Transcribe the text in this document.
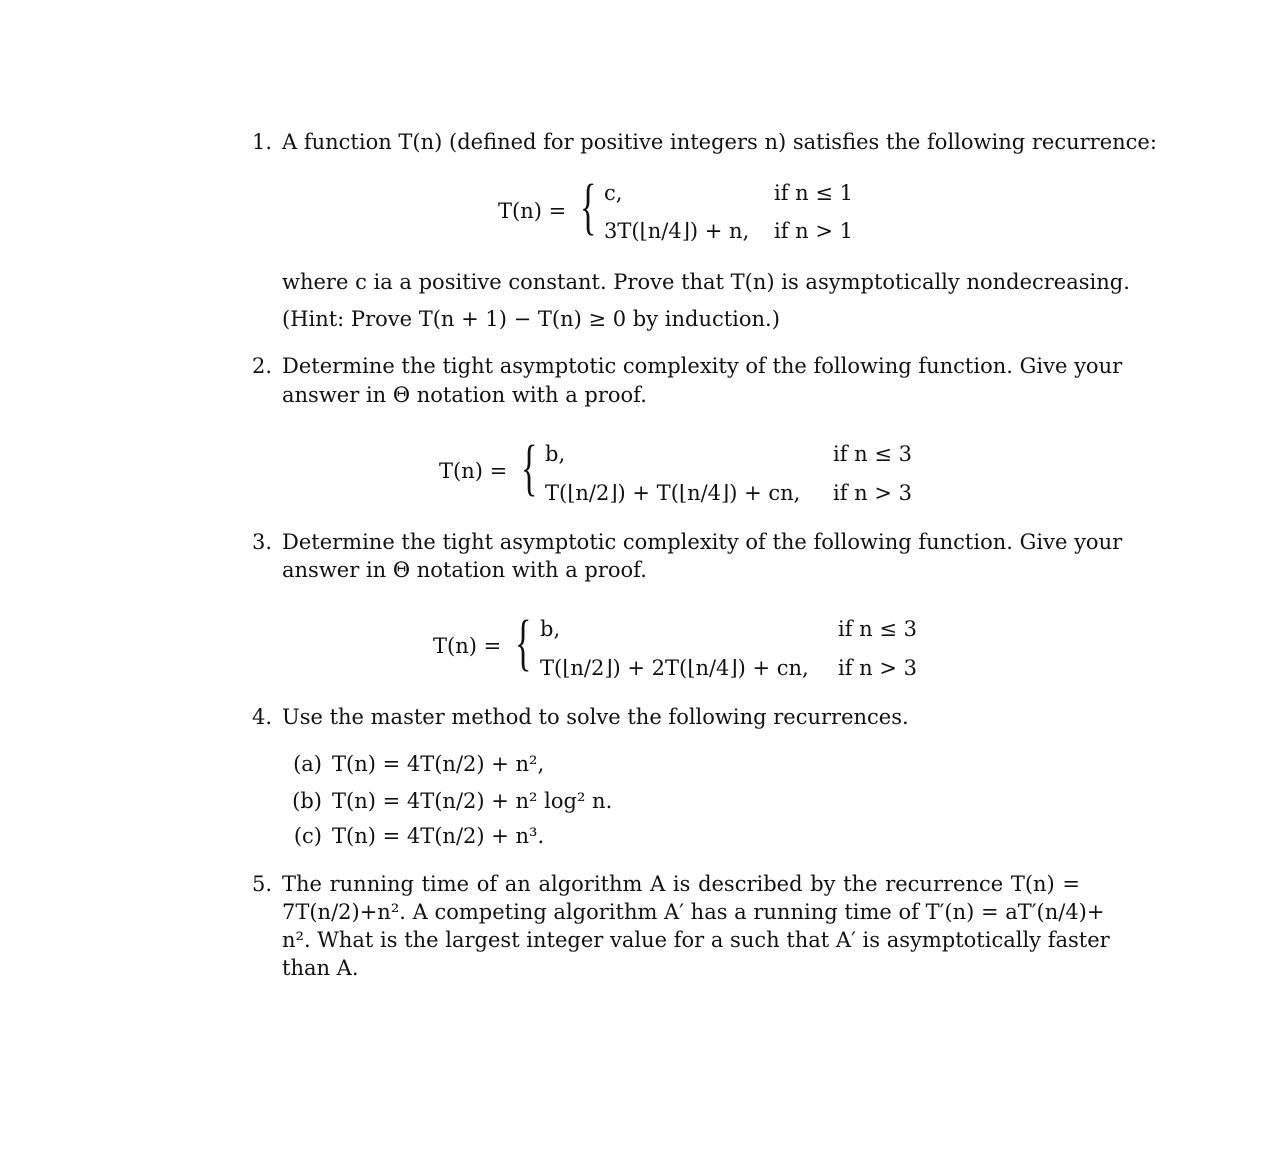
1. A function T(n) (defined for positive integers n) satisfies the following recurrence:
T(n) = { c,	if n ≤ 1
3T(⌊n/4⌋) + n, if n > 1
where c ia a positive constant. Prove that T(n) is asymptotically nondecreasing.
(Hint: Prove T(n + 1) − T(n) ≥ 0 by induction.)
2. Determine the tight asymptotic complexity of the following function. Give your
answer in Θ notation with a proof.
T(n) = { b,	if n ≤ 3
T(⌊n/2⌋) + T(⌊n/4⌋) + cn, if n > 3
3. Determine the tight asymptotic complexity of the following function. Give your
answer in Θ notation with a proof.
T(n) = { b,	if n ≤ 3
T(⌊n/2⌋) + 2T(⌊n/4⌋) + cn, if n > 3
4. Use the master method to solve the following recurrences.
(a) T(n) = 4T(n/2) + n²,
(b) T(n) = 4T(n/2) + n² log² n.
(c) T(n) = 4T(n/2) + n³.
5. The running time of an algorithm A is described by the recurrence T(n) =
7T(n/2)+n². A competing algorithm A′ has a running time of T′(n) = aT′(n/4)+
n². What is the largest integer value for a such that A′ is asymptotically faster
than A.
